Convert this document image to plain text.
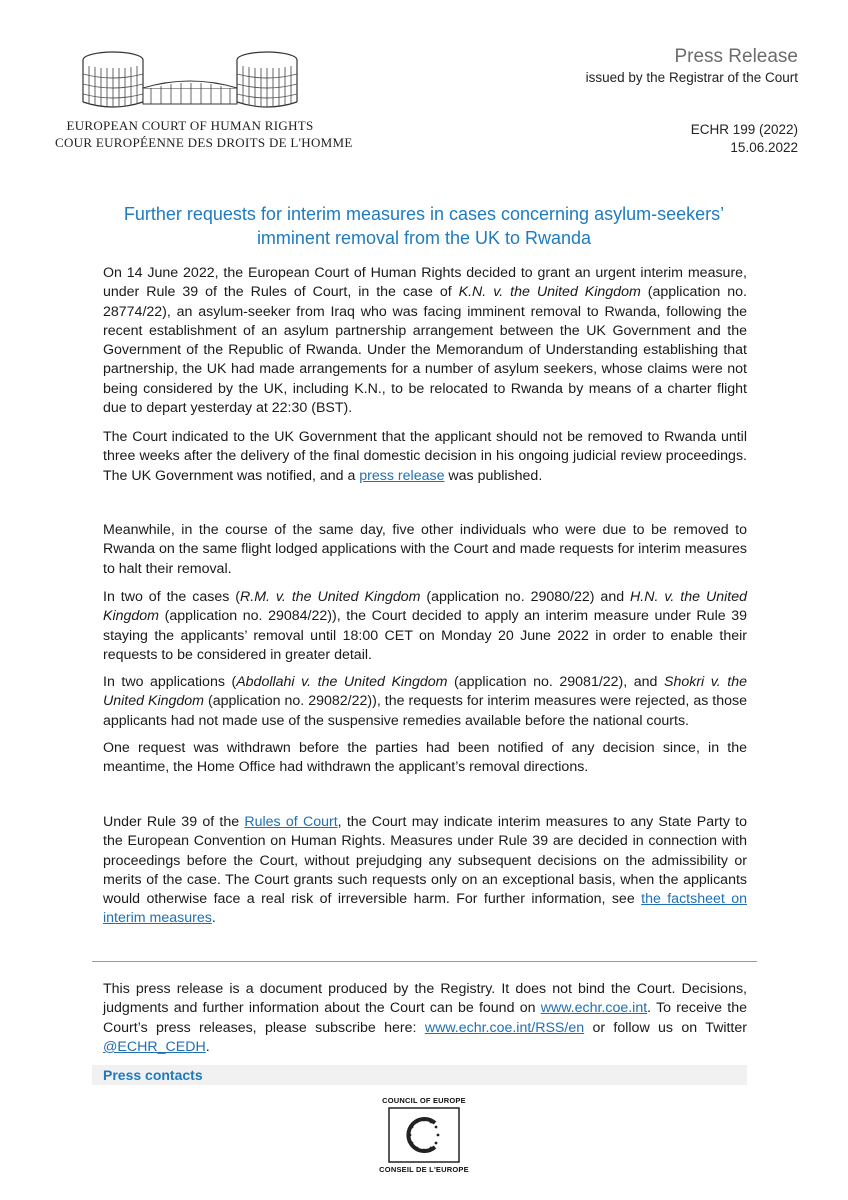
EUROPEAN COURT OF HUMAN RIGHTS
COUR EUROPÉENNE DES DROITS DE L'HOMME
Press Release
issued by the Registrar of the Court
ECHR 199 (2022)
15.06.2022
Further requests for interim measures in cases concerning asylum-seekers’
imminent removal from the UK to Rwanda

On 14 June 2022, the European Court of Human Rights decided to grant an urgent interim measure, under Rule 39 of the Rules of Court, in the case of K.N. v. the United Kingdom (application no. 28774/22), an asylum-seeker from Iraq who was facing imminent removal to Rwanda, following the recent establishment of an asylum partnership arrangement between the UK Government and the Government of the Republic of Rwanda. Under the Memorandum of Understanding establishing that partnership, the UK had made arrangements for a number of asylum seekers, whose claims were not being considered by the UK, including K.N., to be relocated to Rwanda by means of a charter flight due to depart yesterday at 22:30 (BST).

The Court indicated to the UK Government that the applicant should not be removed to Rwanda until three weeks after the delivery of the final domestic decision in his ongoing judicial review proceedings. The UK Government was notified, and a press release was published.

Meanwhile, in the course of the same day, five other individuals who were due to be removed to Rwanda on the same flight lodged applications with the Court and made requests for interim measures to halt their removal.

In two of the cases (R.M. v. the United Kingdom (application no. 29080/22) and H.N. v. the United Kingdom (application no. 29084/22)), the Court decided to apply an interim measure under Rule 39 staying the applicants’ removal until 18:00 CET on Monday 20 June 2022 in order to enable their requests to be considered in greater detail.

In two applications (Abdollahi v. the United Kingdom (application no. 29081/22), and Shokri v. the United Kingdom (application no. 29082/22)), the requests for interim measures were rejected, as those applicants had not made use of the suspensive remedies available before the national courts.

One request was withdrawn before the parties had been notified of any decision since, in the meantime, the Home Office had withdrawn the applicant’s removal directions.

Under Rule 39 of the Rules of Court, the Court may indicate interim measures to any State Party to the European Convention on Human Rights. Measures under Rule 39 are decided in connection with proceedings before the Court, without prejudging any subsequent decisions on the admissibility or merits of the case. The Court grants such requests only on an exceptional basis, when the applicants would otherwise face a real risk of irreversible harm. For further information, see the factsheet on interim measures.

This press release is a document produced by the Registry. It does not bind the Court. Decisions, judgments and further information about the Court can be found on www.echr.coe.int. To receive the Court’s press releases, please subscribe here: www.echr.coe.int/RSS/en or follow us on Twitter @ECHR_CEDH.

Press contacts
COUNCIL OF EUROPE
CONSEIL DE L'EUROPE
